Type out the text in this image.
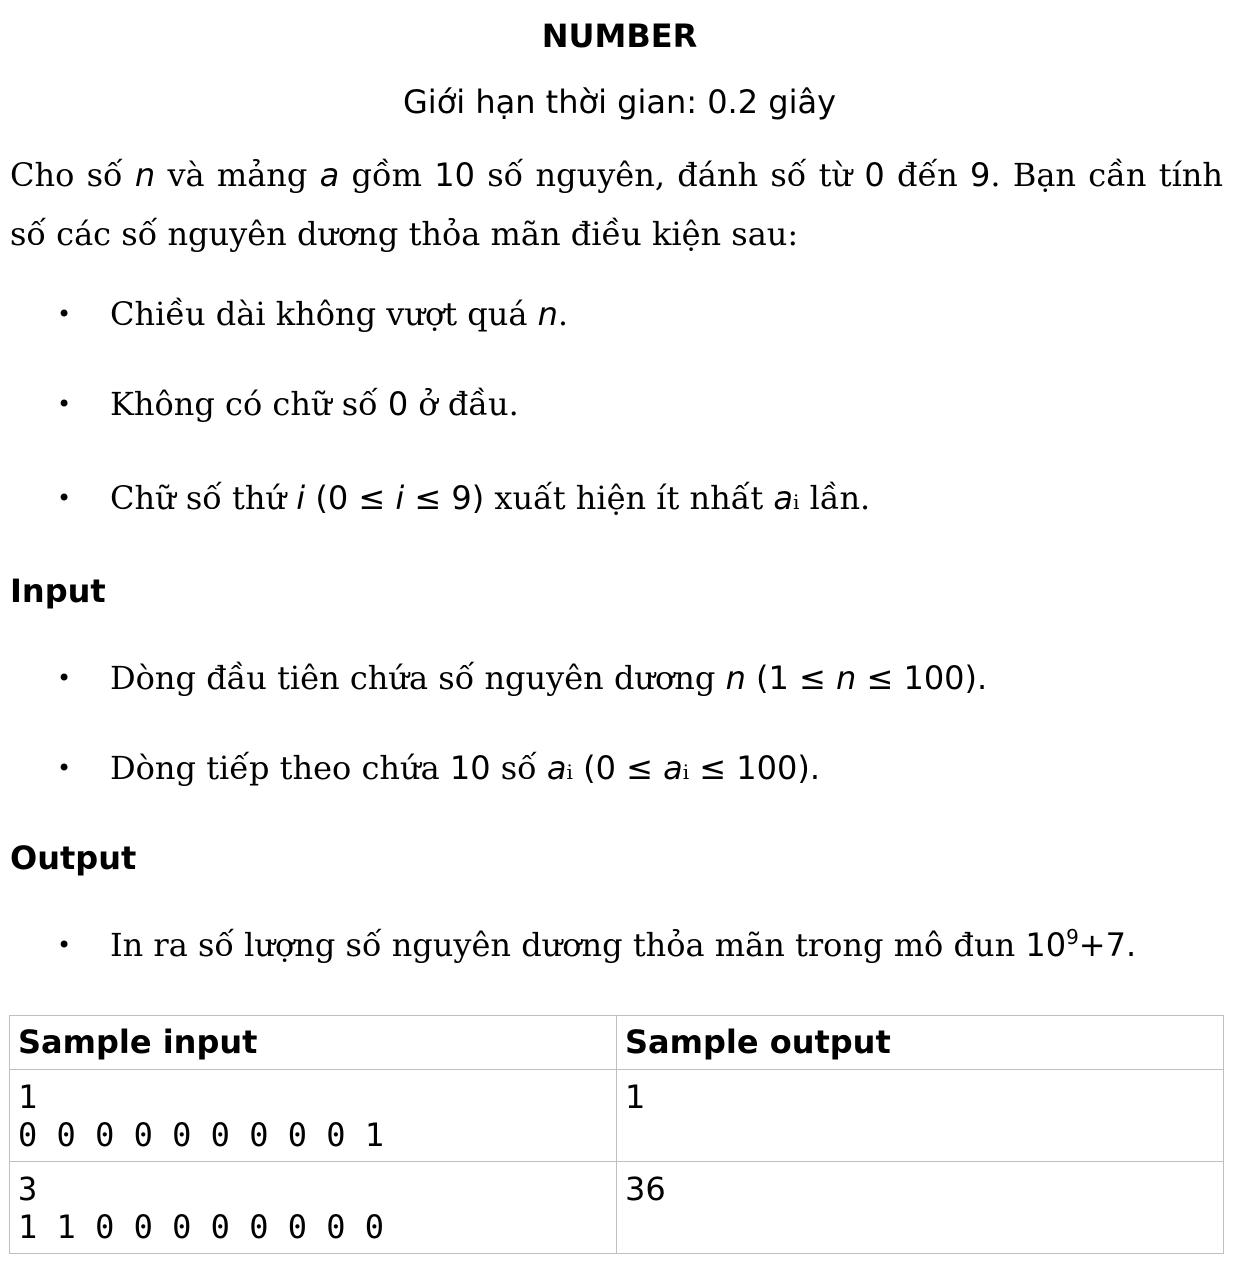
NUMBER
Giới hạn thời gian: 0.2 giây
Cho số n và mảng a gồm 10 số nguyên, đánh số từ 0 đến 9. Bạn cần tính số các số nguyên dương thỏa mãn điều kiện sau:
• Chiều dài không vượt quá n.
• Không có chữ số 0 ở đầu.
• Chữ số thứ i (0 ≤ i ≤ 9) xuất hiện ít nhất ai lần.
Input
• Dòng đầu tiên chứa số nguyên dương n (1 ≤ n ≤ 100).
• Dòng tiếp theo chứa 10 số ai (0 ≤ ai ≤ 100).
Output
• In ra số lượng số nguyên dương thỏa mãn trong mô đun $10^9+7$.
Sample input	Sample output

1
0 0 0 0 0 0 0 0 0 1	1

3
1 1 0 0 0 0 0 0 0 0	36
